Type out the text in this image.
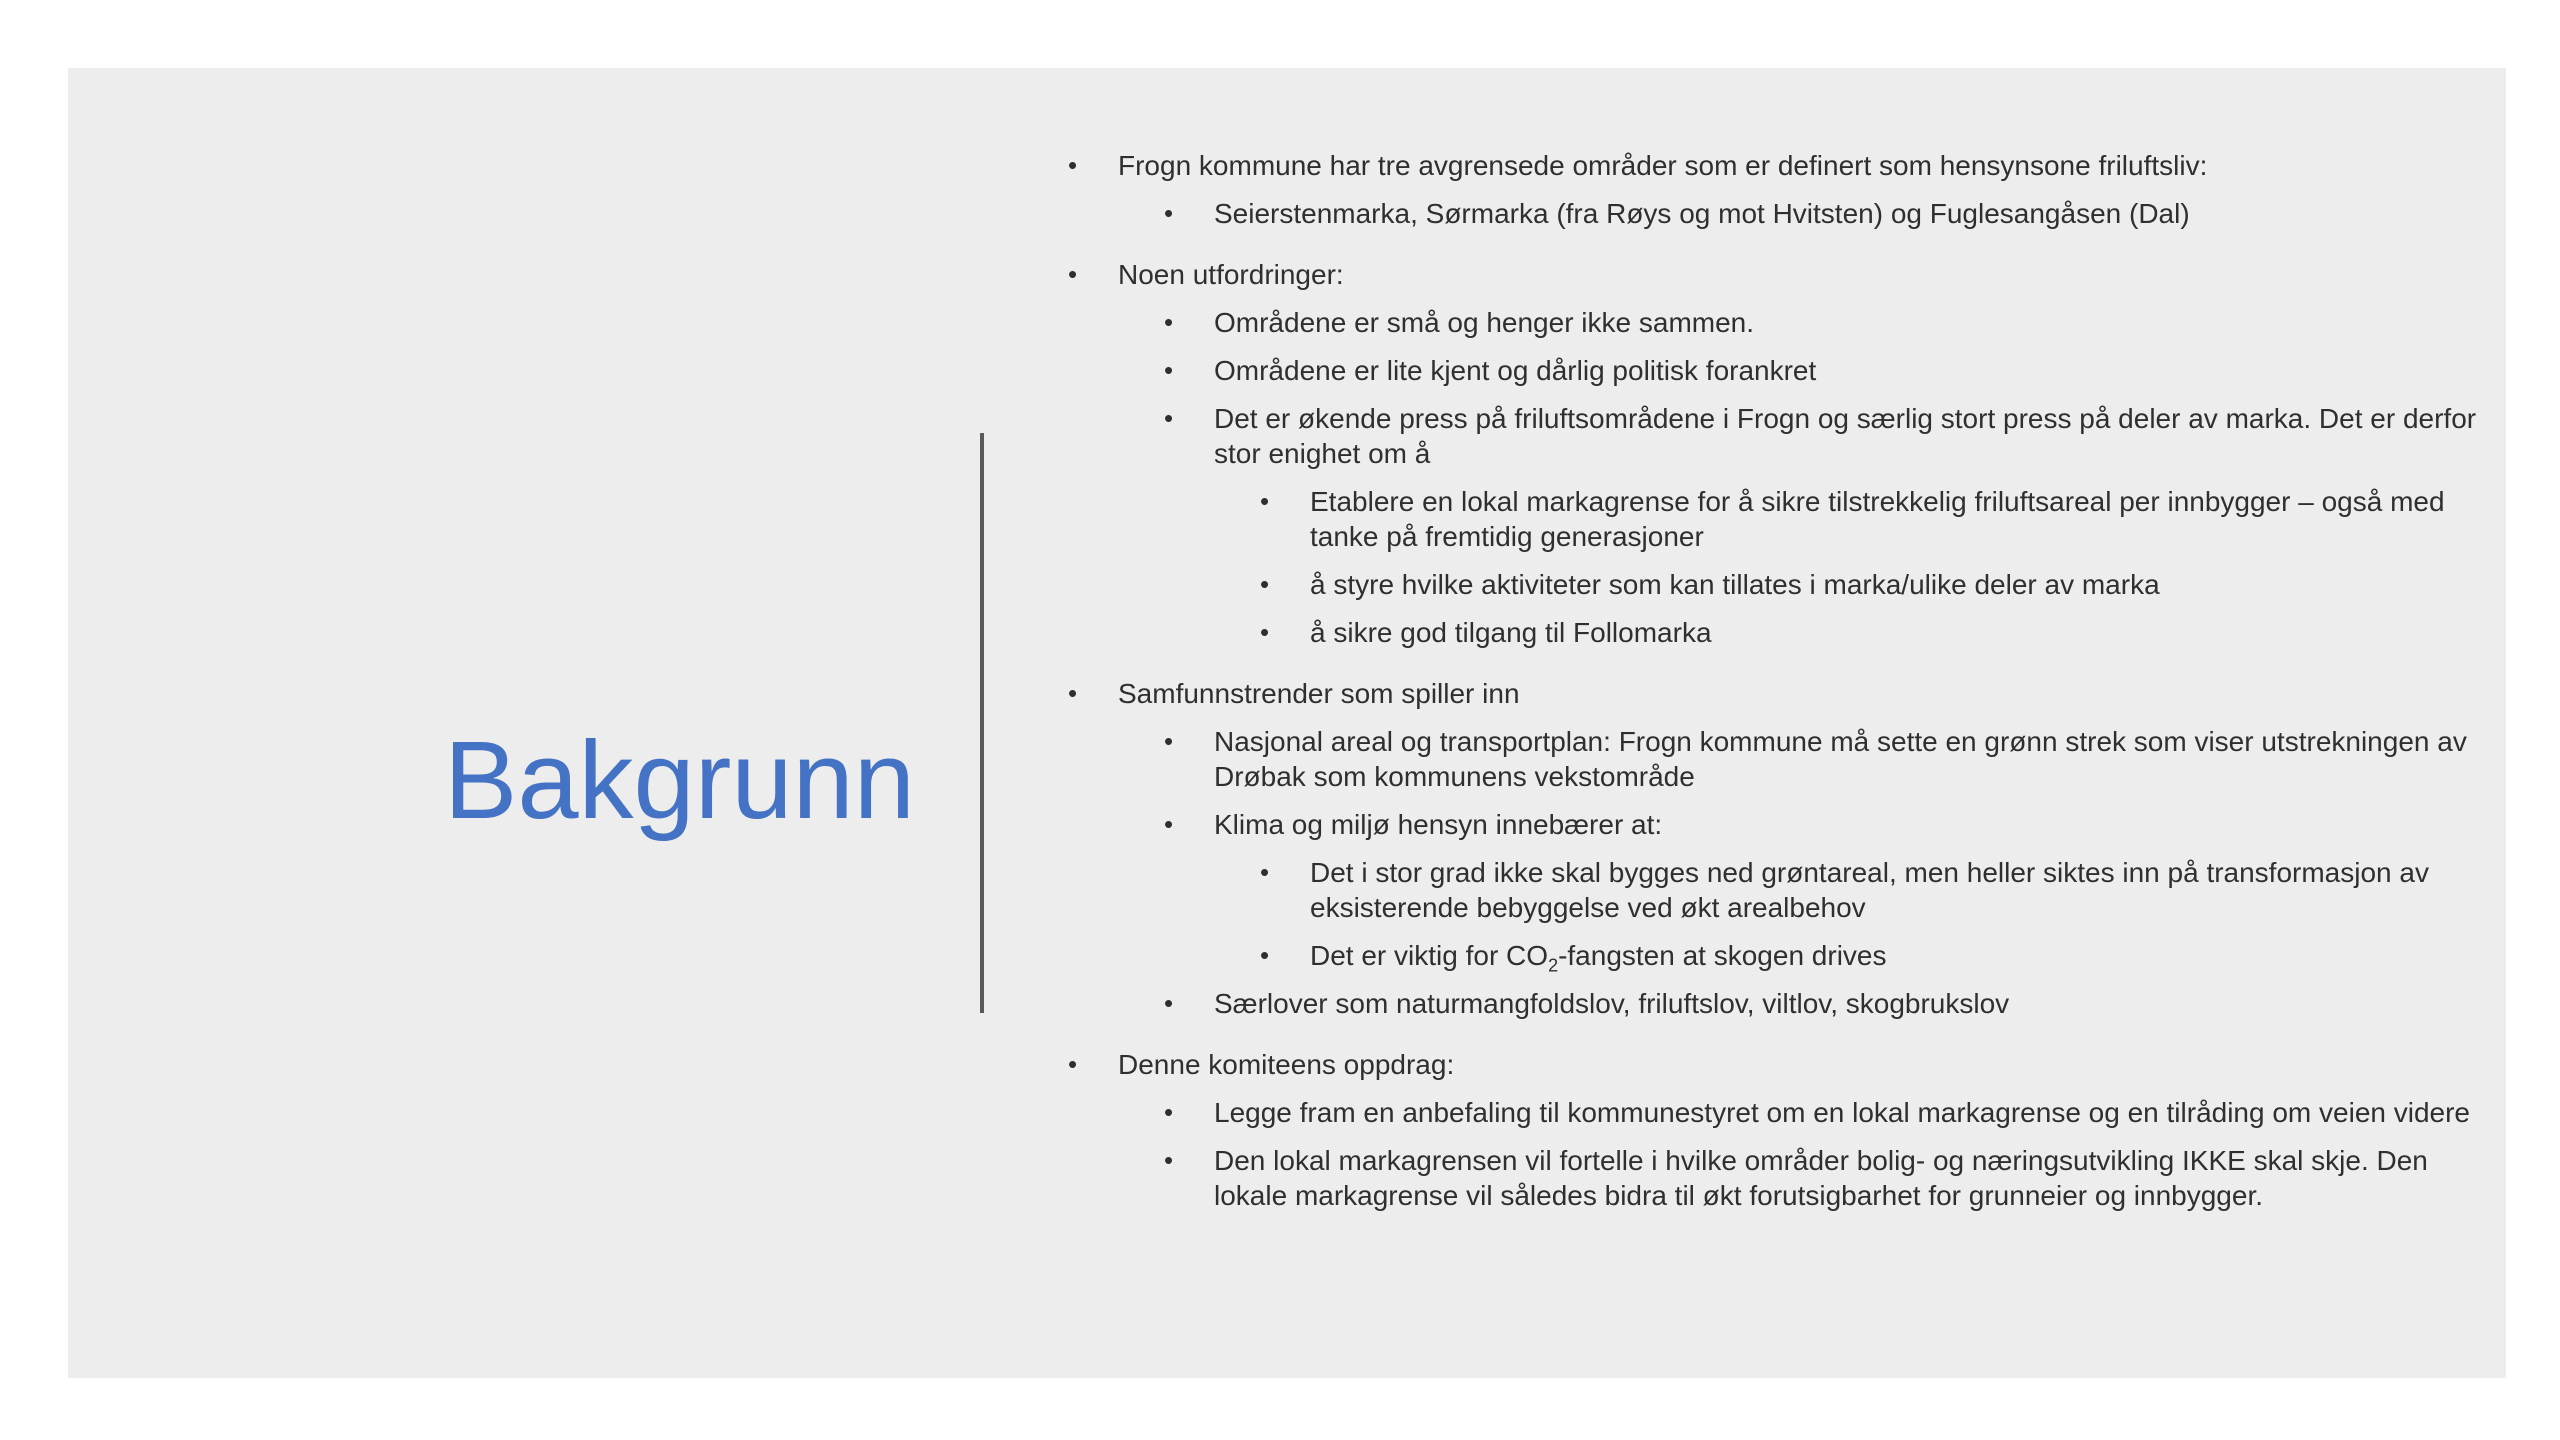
Bakgrunn
• Frogn kommune har tre avgrensede områder som er definert som hensynsone friluftsliv:
• Seierstenmarka, Sørmarka (fra Røys og mot Hvitsten) og Fuglesangåsen (Dal)
• Noen utfordringer:
• Områdene er små og henger ikke sammen.
• Områdene er lite kjent og dårlig politisk forankret
• Det er økende press på friluftsområdene i Frogn og særlig stort press på deler av marka. Det er derfor stor enighet om å
• Etablere en lokal markagrense for å sikre tilstrekkelig friluftsareal per innbygger – også med tanke på fremtidig generasjoner
• å styre hvilke aktiviteter som kan tillates i marka/ulike deler av marka
• å sikre god tilgang til Follomarka
• Samfunnstrender som spiller inn
• Nasjonal areal og transportplan: Frogn kommune må sette en grønn strek som viser utstrekningen av Drøbak som kommunens vekstområde
• Klima og miljø hensyn innebærer at:
• Det i stor grad ikke skal bygges ned grøntareal, men heller siktes inn på transformasjon av eksisterende bebyggelse ved økt arealbehov
• Det er viktig for $CO_2$-fangsten at skogen drives
• Særlover som naturmangfoldslov, friluftslov, viltlov, skogbrukslov
• Denne komiteens oppdrag:
• Legge fram en anbefaling til kommunestyret om en lokal markagrense og en tilråding om veien videre
• Den lokal markagrensen vil fortelle i hvilke områder bolig- og næringsutvikling IKKE skal skje. Den lokale markagrense vil således bidra til økt forutsigbarhet for grunneier og innbygger.
